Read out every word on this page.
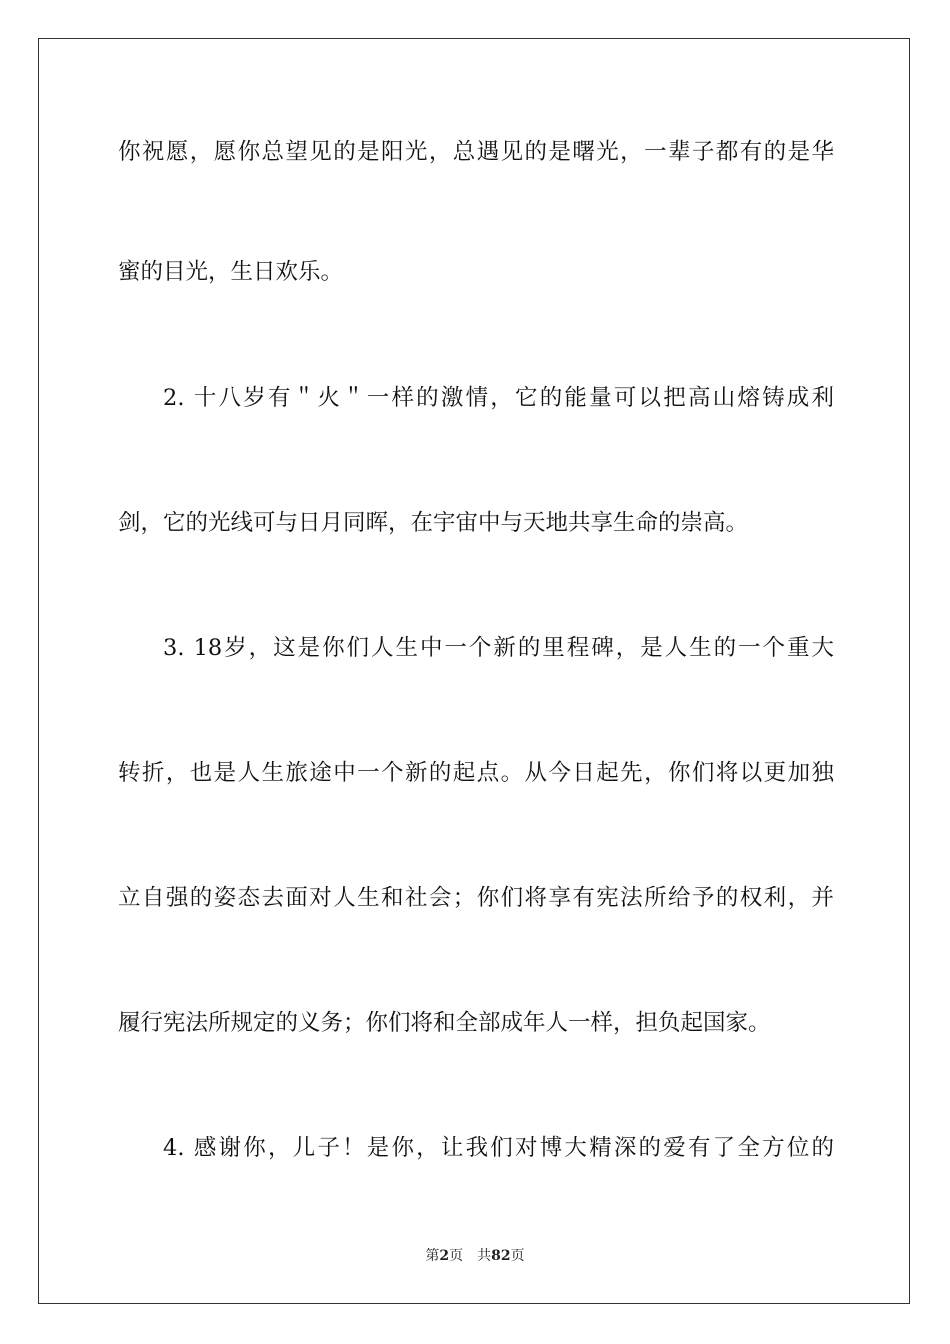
你祝愿，愿你总望见的是阳光，总遇见的是曙光，一辈子都有的是华
蜜的目光，生日欢乐。
2. 十八岁有＂火＂一样的激情，它的能量可以把高山熔铸成利
剑，它的光线可与日月同晖，在宇宙中与天地共享生命的崇高。
3. 18岁，这是你们人生中一个新的里程碑，是人生的一个重大
转折，也是人生旅途中一个新的起点。从今日起先，你们将以更加独
立自强的姿态去面对人生和社会；你们将享有宪法所给予的权利，并
履行宪法所规定的义务；你们将和全部成年人一样，担负起国家。
4. 感谢你，儿子！是你，让我们对博大精深的爱有了全方位的
第2页 共82页
